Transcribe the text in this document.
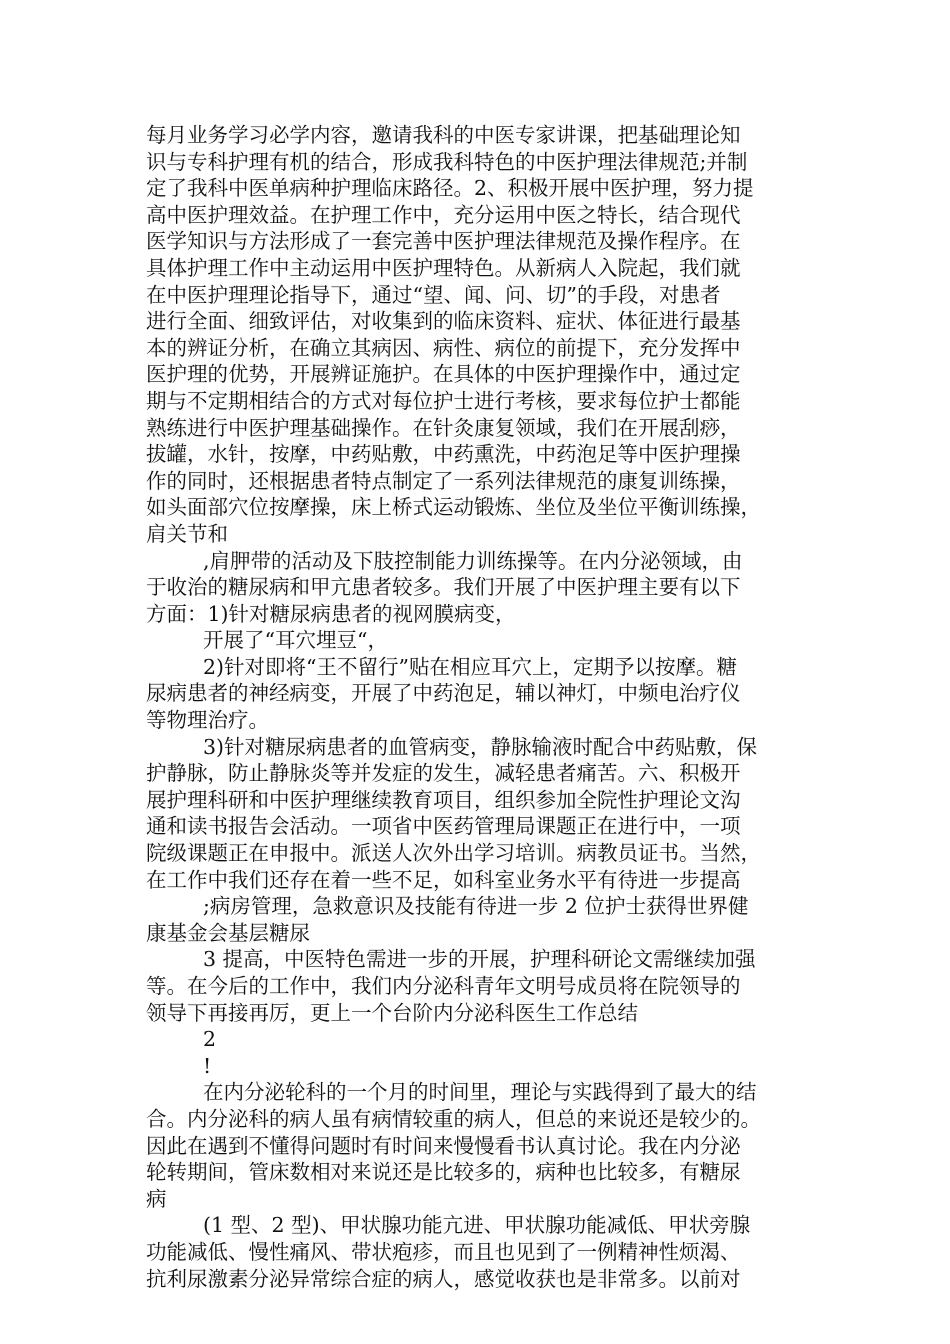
每月业务学习必学内容，邀请我科的中医专家讲课，把基础理论知
识与专科护理有机的结合，形成我科特色的中医护理法律规范;并制
定了我科中医单病种护理临床路径。2、积极开展中医护理，努力提
高中医护理效益。在护理工作中，充分运用中医之特长，结合现代
医学知识与方法形成了一套完善中医护理法律规范及操作程序。在
具体护理工作中主动运用中医护理特色。从新病人入院起，我们就
在中医护理理论指导下，通过“望、闻、问、切”的手段，对患者
进行全面、细致评估，对收集到的临床资料、症状、体征进行最基
本的辨证分析，在确立其病因、病性、病位的前提下，充分发挥中
医护理的优势，开展辨证施护。在具体的中医护理操作中，通过定
期与不定期相结合的方式对每位护士进行考核，要求每位护士都能
熟练进行中医护理基础操作。在针灸康复领域，我们在开展刮痧，
拔罐，水针，按摩，中药贴敷，中药熏洗，中药泡足等中医护理操
作的同时，还根据患者特点制定了一系列法律规范的康复训练操，
如头面部穴位按摩操，床上桥式运动锻炼、坐位及坐位平衡训练操，
肩关节和
,肩胛带的活动及下肢控制能力训练操等。在内分泌领域，由
于收治的糖尿病和甲亢患者较多。我们开展了中医护理主要有以下
方面：1)针对糖尿病患者的视网膜病变，
开展了“耳穴埋豆“，
2)针对即将“王不留行”贴在相应耳穴上，定期予以按摩。糖
尿病患者的神经病变，开展了中药泡足，辅以神灯，中频电治疗仪
等物理治疗。
3)针对糖尿病患者的血管病变，静脉输液时配合中药贴敷，保
护静脉，防止静脉炎等并发症的发生，减轻患者痛苦。六、积极开
展护理科研和中医护理继续教育项目，组织参加全院性护理论文沟
通和读书报告会活动。一项省中医药管理局课题正在进行中，一项
院级课题正在申报中。派送人次外出学习培训。病教员证书。当然，
在工作中我们还存在着一些不足，如科室业务水平有待进一步提高
;病房管理，急救意识及技能有待进一步 2 位护士获得世界健
康基金会基层糖尿
3 提高，中医特色需进一步的开展，护理科研论文需继续加强
等。在今后的工作中，我们内分泌科青年文明号成员将在院领导的
领导下再接再厉，更上一个台阶内分泌科医生工作总结
2
!
在内分泌轮科的一个月的时间里，理论与实践得到了最大的结
合。内分泌科的病人虽有病情较重的病人，但总的来说还是较少的。
因此在遇到不懂得问题时有时间来慢慢看书认真讨论。我在内分泌
轮转期间，管床数相对来说还是比较多的，病种也比较多，有糖尿
病
(1 型、2 型)、甲状腺功能亢进、甲状腺功能减低、甲状旁腺
功能减低、慢性痛风、带状疱疹，而且也见到了一例精神性烦渴、
抗利尿激素分泌异常综合症的病人，感觉收获也是非常多。以前对
